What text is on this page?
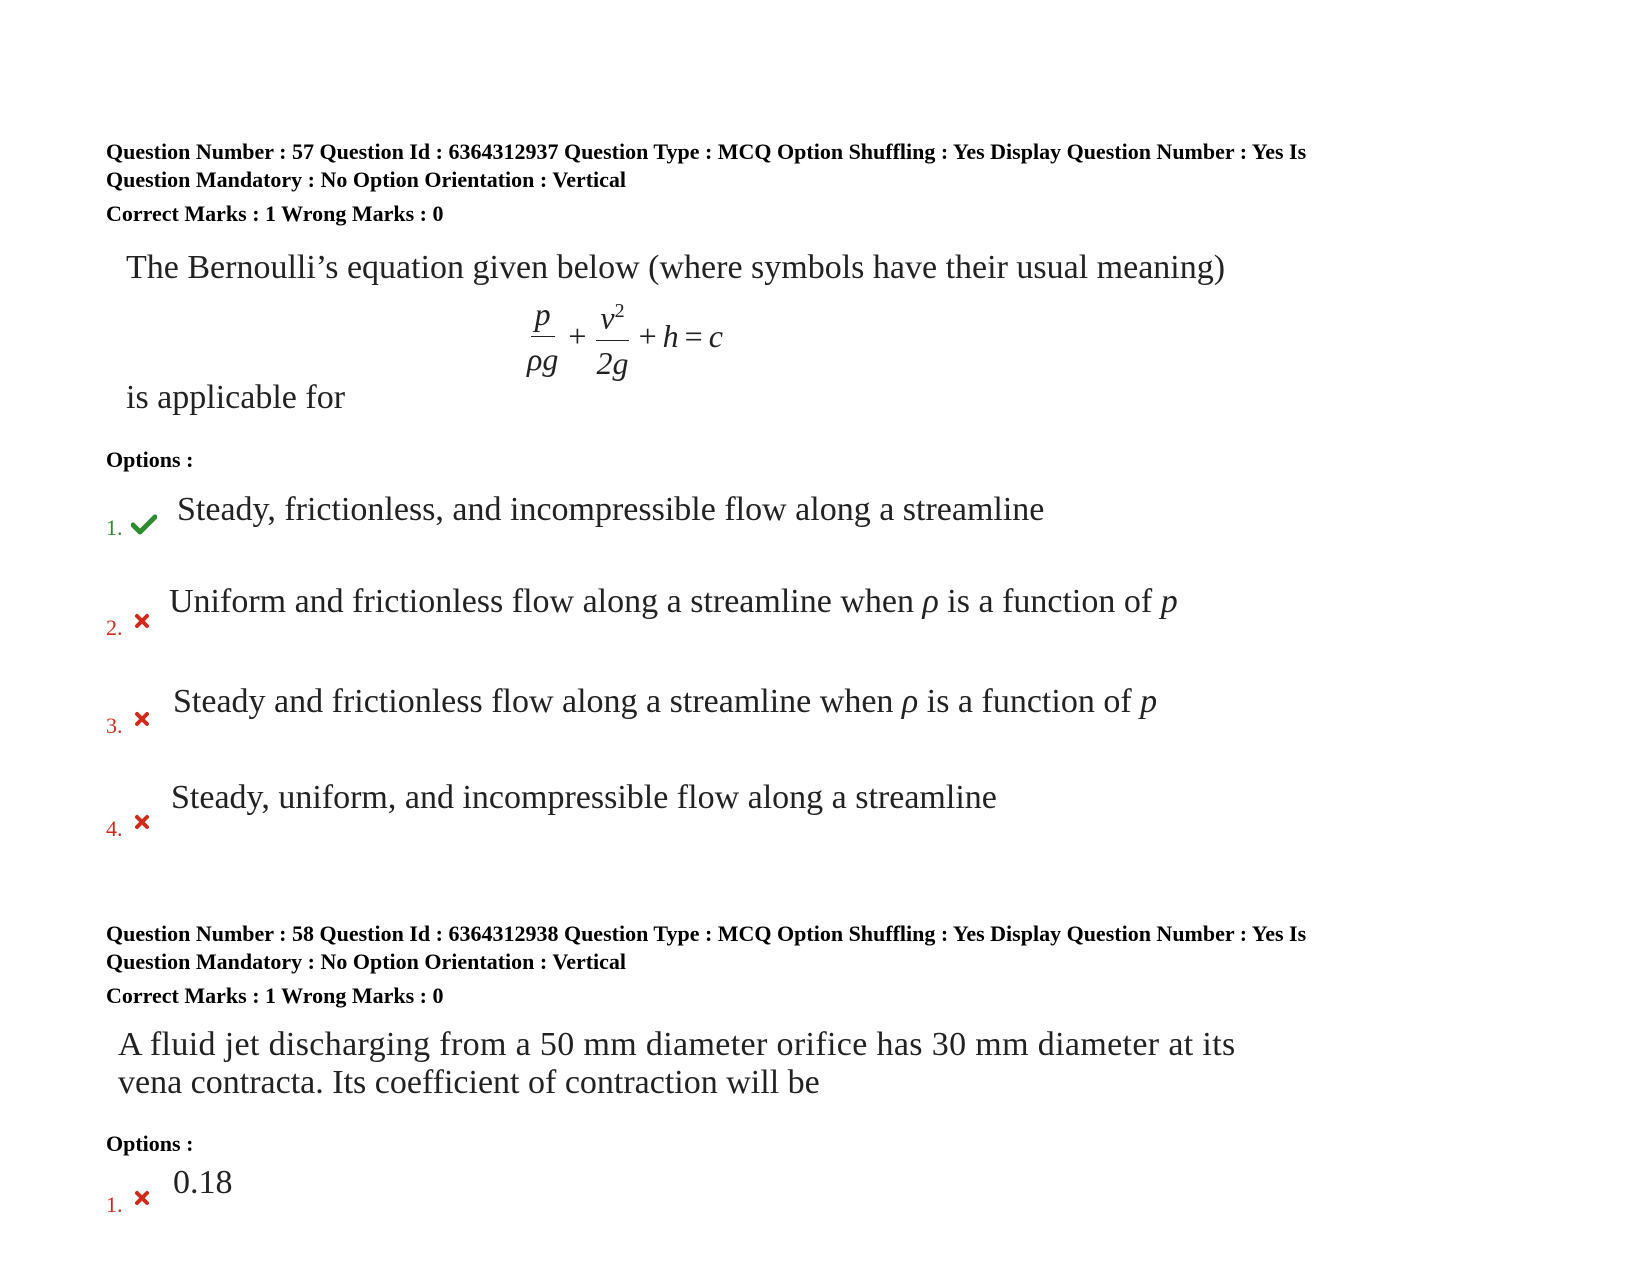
Question Number : 57 Question Id : 6364312937 Question Type : MCQ Option Shuffling : Yes Display Question Number : Yes Is
Question Mandatory : No Option Orientation : Vertical
Correct Marks : 1 Wrong Marks : 0
The Bernoulli’s equation given below (where symbols have their usual meaning)
$\frac{p}{\rho g} + \frac{v^2}{2g} + h = c$
is applicable for
Options :
1. Steady, frictionless, and incompressible flow along a streamline
2.
Uniform and frictionless flow along a streamline when ρ is a function of p
3.
Steady and frictionless flow along a streamline when ρ is a function of p
4.
Steady, uniform, and incompressible flow along a streamline
Question Number : 58 Question Id : 6364312938 Question Type : MCQ Option Shuffling : Yes Display Question Number : Yes Is
Question Mandatory : No Option Orientation : Vertical
Correct Marks : 1 Wrong Marks : 0
A fluid jet discharging from a 50 mm diameter orifice has 30 mm diameter at its
vena contracta. Its coefficient of contraction will be
Options :
1.
0.18
